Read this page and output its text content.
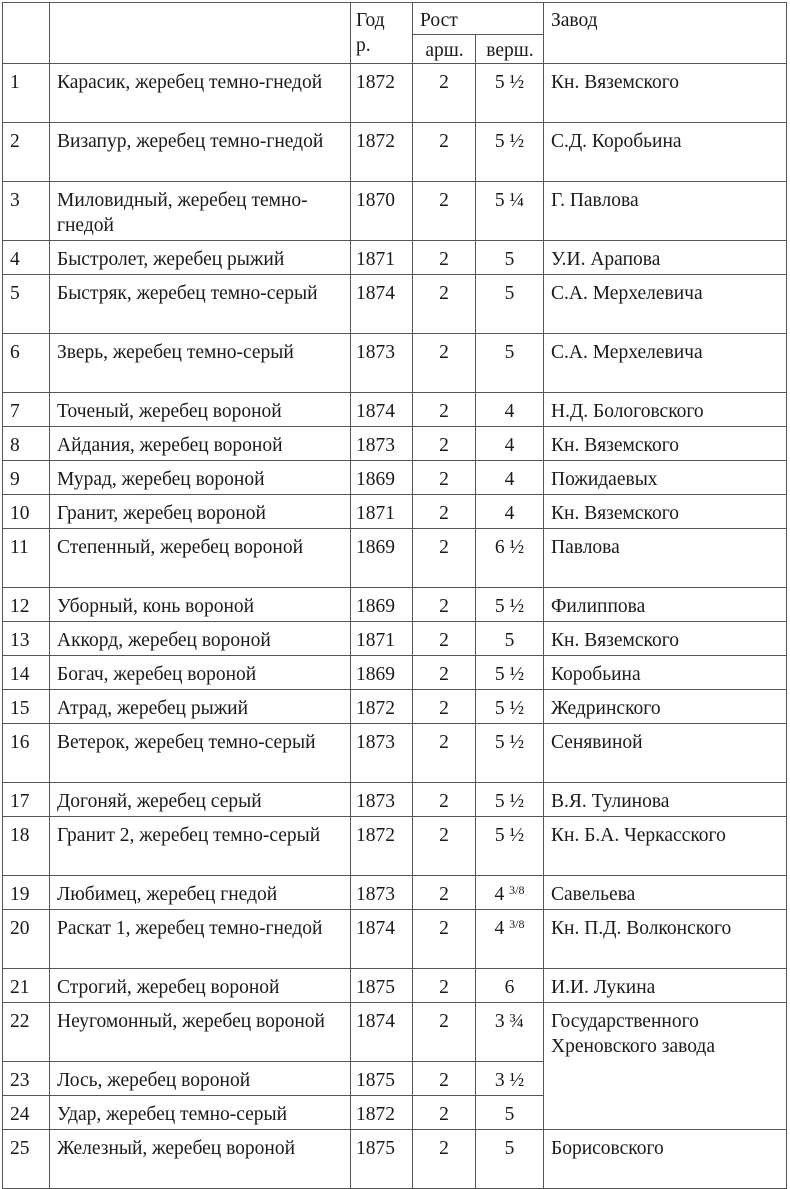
		Год р.	Рост		Завод
			арш.	верш.	
1	Карасик, жеребец темно-гнедой	1872	2	5 ½	Кн. Вяземского
2	Визапур, жеребец темно-гнедой	1872	2	5 ½	С.Д. Коробьина
3	Миловидный, жеребец темно-гнедой	1870	2	5 ¼	Г. Павлова
4	Быстролет, жеребец рыжий	1871	2	5	У.И. Арапова
5	Быстряк, жеребец темно-серый	1874	2	5	С.А. Мерхелевича
6	Зверь, жеребец темно-серый	1873	2	5	С.А. Мерхелевича
7	Точеный, жеребец вороной	1874	2	4	Н.Д. Бологовского
8	Айдания, жеребец вороной	1873	2	4	Кн. Вяземского
9	Мурад, жеребец вороной	1869	2	4	Пожидаевых
10	Гранит, жеребец вороной	1871	2	4	Кн. Вяземского
11	Степенный, жеребец вороной	1869	2	6 ½	Павлова
12	Уборный, конь вороной	1869	2	5 ½	Филиппова
13	Аккорд, жеребец вороной	1871	2	5	Кн. Вяземского
14	Богач, жеребец вороной	1869	2	5 ½	Коробьина
15	Атрад, жеребец рыжий	1872	2	5 ½	Жедринского
16	Ветерок, жеребец темно-серый	1873	2	5 ½	Сенявиной
17	Догоняй, жеребец серый	1873	2	5 ½	В.Я. Тулинова
18	Гранит 2, жеребец темно-серый	1872	2	5 ½	Кн. Б.А. Черкасского
19	Любимец, жеребец гнедой	1873	2	4 $^{3/8}$	Савельева
20	Раскат 1, жеребец темно-гнедой	1874	2	4 $^{3/8}$	Кн. П.Д. Волконского
21	Строгий, жеребец вороной	1875	2	6	И.И. Лукина
22	Неугомонный, жеребец вороной	1874	2	3 ¾	Государственного Хреновского завода
23	Лось, жеребец вороной	1875	2	3 ½	
24	Удар, жеребец темно-серый	1872	2	5	
25	Железный, жеребец вороной	1875	2	5	Борисовского
